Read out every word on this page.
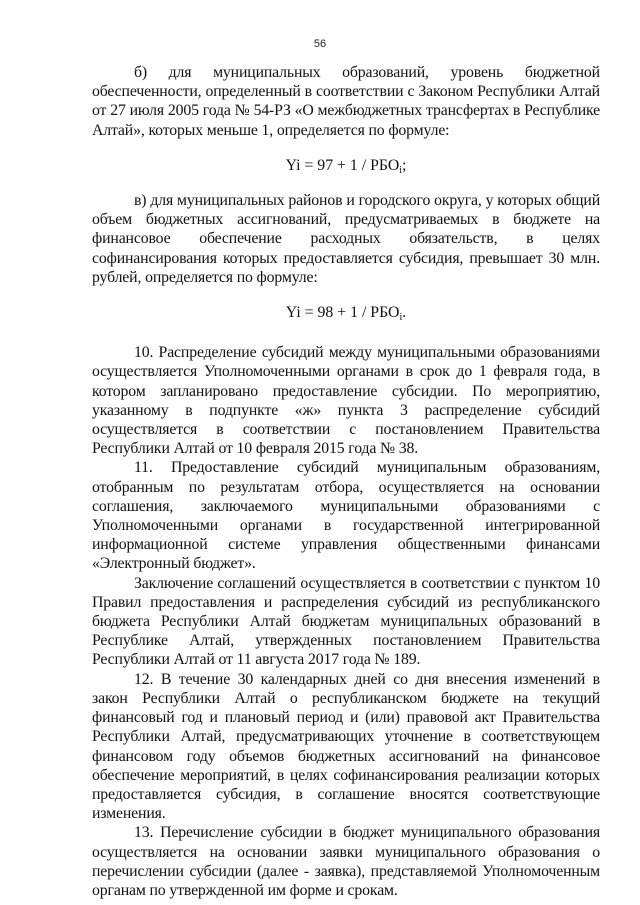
56

б) для муниципальных образований, уровень бюджетной обеспеченности, определенный в соответствии с Законом Республики Алтай от 27 июля 2005 года № 54-РЗ «О межбюджетных трансфертах в Республике Алтай», которых меньше 1, определяется по формуле:

$Yi = 97 + 1 / РБО_i$;

в) для муниципальных районов и городского округа, у которых общий объем бюджетных ассигнований, предусматриваемых в бюджете на финансовое обеспечение расходных обязательств, в целях софинансирования которых предоставляется субсидия, превышает 30 млн. рублей, определяется по формуле:

$Yi = 98 + 1 / РБО_i$.

10. Распределение субсидий между муниципальными образованиями осуществляется Уполномоченными органами в срок до 1 февраля года, в котором запланировано предоставление субсидии. По мероприятию, указанному в подпункте «ж» пункта 3 распределение субсидий осуществляется в соответствии с постановлением Правительства Республики Алтай от 10 февраля 2015 года № 38.

11. Предоставление субсидий муниципальным образованиям, отобранным по результатам отбора, осуществляется на основании соглашения, заключаемого муниципальными образованиями с Уполномоченными органами в государственной интегрированной информационной системе управления общественными финансами «Электронный бюджет».

Заключение соглашений осуществляется в соответствии с пунктом 10 Правил предоставления и распределения субсидий из республиканского бюджета Республики Алтай бюджетам муниципальных образований в Республике Алтай, утвержденных постановлением Правительства Республики Алтай от 11 августа 2017 года № 189.

12. В течение 30 календарных дней со дня внесения изменений в закон Республики Алтай о республиканском бюджете на текущий финансовый год и плановый период и (или) правовой акт Правительства Республики Алтай, предусматривающих уточнение в соответствующем финансовом году объемов бюджетных ассигнований на финансовое обеспечение мероприятий, в целях софинансирования реализации которых предоставляется субсидия, в соглашение вносятся соответствующие изменения.

13. Перечисление субсидии в бюджет муниципального образования осуществляется на основании заявки муниципального образования о перечислении субсидии (далее - заявка), представляемой Уполномоченным органам по утвержденной им форме и срокам.
